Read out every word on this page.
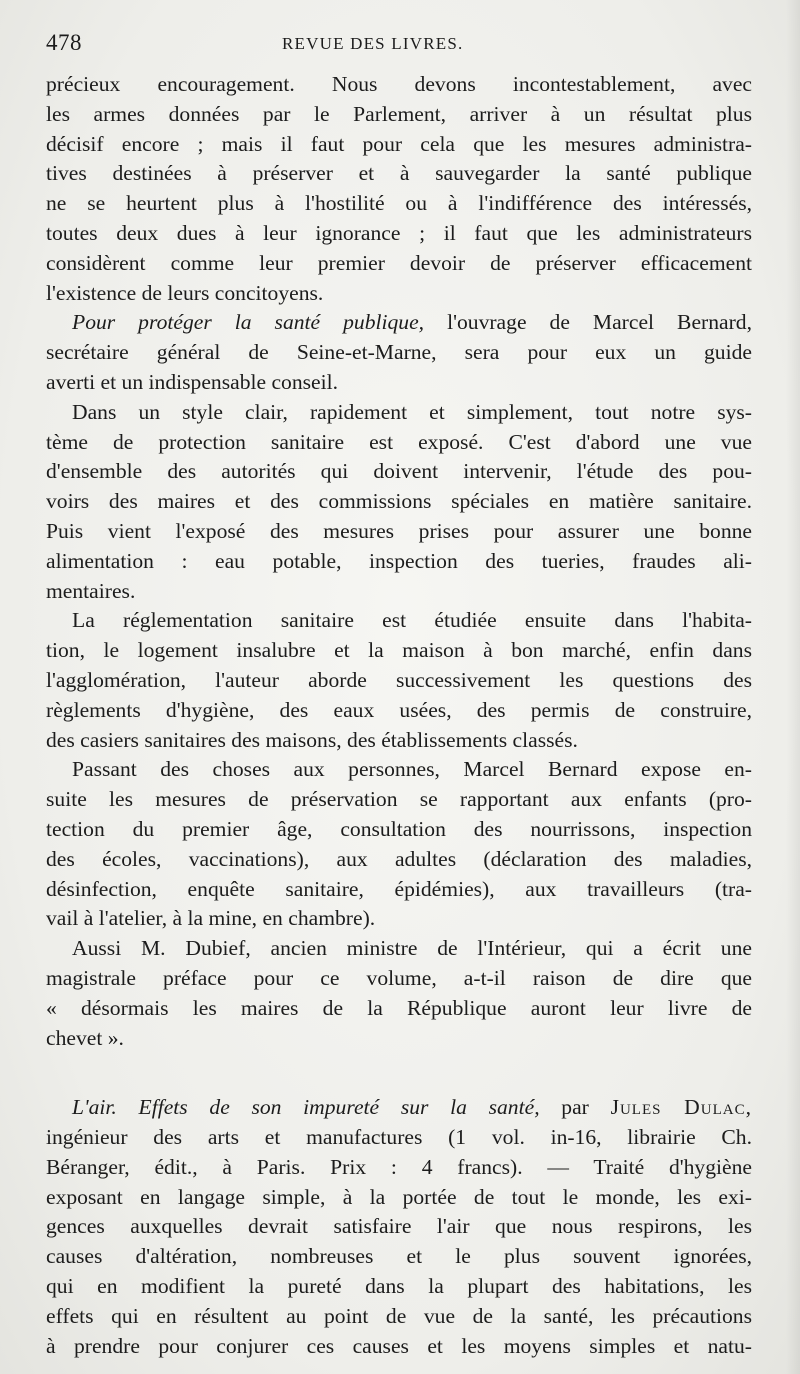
478	REVUE DES LIVRES.
précieux encouragement. Nous devons incontestablement, avec
les armes données par le Parlement, arriver à un résultat plus
décisif encore ; mais il faut pour cela que les mesures administra-
tives destinées à préserver et à sauvegarder la santé publique
ne se heurtent plus à l'hostilité ou à l'indifférence des intéressés,
toutes deux dues à leur ignorance ; il faut que les administrateurs
considèrent comme leur premier devoir de préserver efficacement
l'existence de leurs concitoyens.
Pour protéger la santé publique, l'ouvrage de Marcel Bernard,
secrétaire général de Seine-et-Marne, sera pour eux un guide
averti et un indispensable conseil.
Dans un style clair, rapidement et simplement, tout notre sys-
tème de protection sanitaire est exposé. C'est d'abord une vue
d'ensemble des autorités qui doivent intervenir, l'étude des pou-
voirs des maires et des commissions spéciales en matière sanitaire.
Puis vient l'exposé des mesures prises pour assurer une bonne
alimentation : eau potable, inspection des tueries, fraudes ali-
mentaires.
La réglementation sanitaire est étudiée ensuite dans l'habita-
tion, le logement insalubre et la maison à bon marché, enfin dans
l'agglomération, l'auteur aborde successivement les questions des
règlements d'hygiène, des eaux usées, des permis de construire,
des casiers sanitaires des maisons, des établissements classés.
Passant des choses aux personnes, Marcel Bernard expose en-
suite les mesures de préservation se rapportant aux enfants (pro-
tection du premier âge, consultation des nourrissons, inspection
des écoles, vaccinations), aux adultes (déclaration des maladies,
désinfection, enquête sanitaire, épidémies), aux travailleurs (tra-
vail à l'atelier, à la mine, en chambre).
Aussi M. Dubief, ancien ministre de l'Intérieur, qui a écrit une
magistrale préface pour ce volume, a-t-il raison de dire que
« désormais les maires de la République auront leur livre de
chevet ».
L'air. Effets de son impureté sur la santé, par Jules Dulac,
ingénieur des arts et manufactures (1 vol. in-16, librairie Ch.
Béranger, édit., à Paris. Prix : 4 francs). — Traité d'hygiène
exposant en langage simple, à la portée de tout le monde, les exi-
gences auxquelles devrait satisfaire l'air que nous respirons, les
causes d'altération, nombreuses et le plus souvent ignorées,
qui en modifient la pureté dans la plupart des habitations, les
effets qui en résultent au point de vue de la santé, les précautions
à prendre pour conjurer ces causes et les moyens simples et natu-
